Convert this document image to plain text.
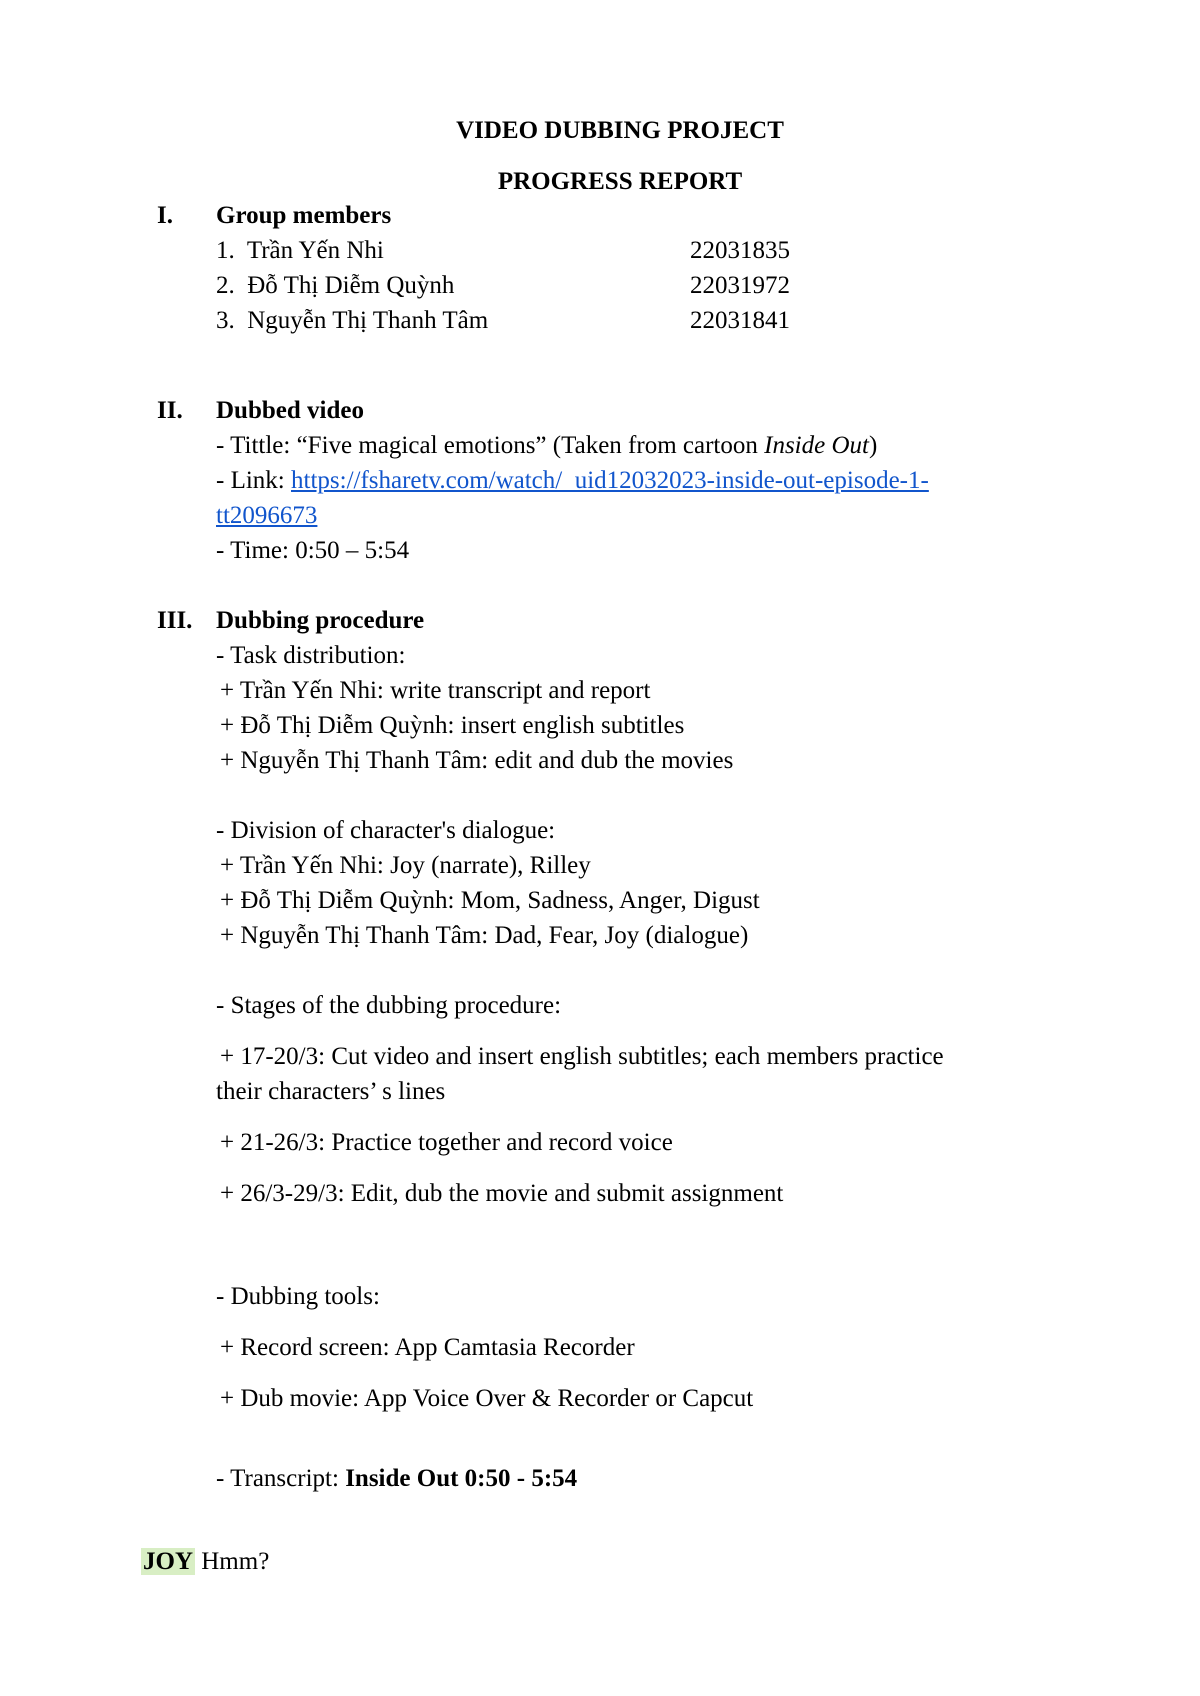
VIDEO DUBBING PROJECT
PROGRESS REPORT
I. Group members
1. Trần Yến Nhi	22031835
2. Đỗ Thị Diễm Quỳnh	22031972
3. Nguyễn Thị Thanh Tâm	22031841
II. Dubbed video
- Tittle: “Five magical emotions” (Taken from cartoon Inside Out)
- Link: https://fsharetv.com/watch/_uid12032023-inside-out-episode-1-
tt2096673
- Time: 0:50 – 5:54
III. Dubbing procedure
- Task distribution:
+ Trần Yến Nhi: write transcript and report
+ Đỗ Thị Diễm Quỳnh: insert english subtitles
+ Nguyễn Thị Thanh Tâm: edit and dub the movies
- Division of character's dialogue:
+ Trần Yến Nhi: Joy (narrate), Rilley
+ Đỗ Thị Diễm Quỳnh: Mom, Sadness, Anger, Digust
+ Nguyễn Thị Thanh Tâm: Dad, Fear, Joy (dialogue)
- Stages of the dubbing procedure:
+ 17-20/3: Cut video and insert english subtitles; each members practice
their characters’ s lines
+ 21-26/3: Practice together and record voice
+ 26/3-29/3: Edit, dub the movie and submit assignment
- Dubbing tools:
+ Record screen: App Camtasia Recorder
+ Dub movie: App Voice Over & Recorder or Capcut
- Transcript: Inside Out 0:50 - 5:54
JOY Hmm?
